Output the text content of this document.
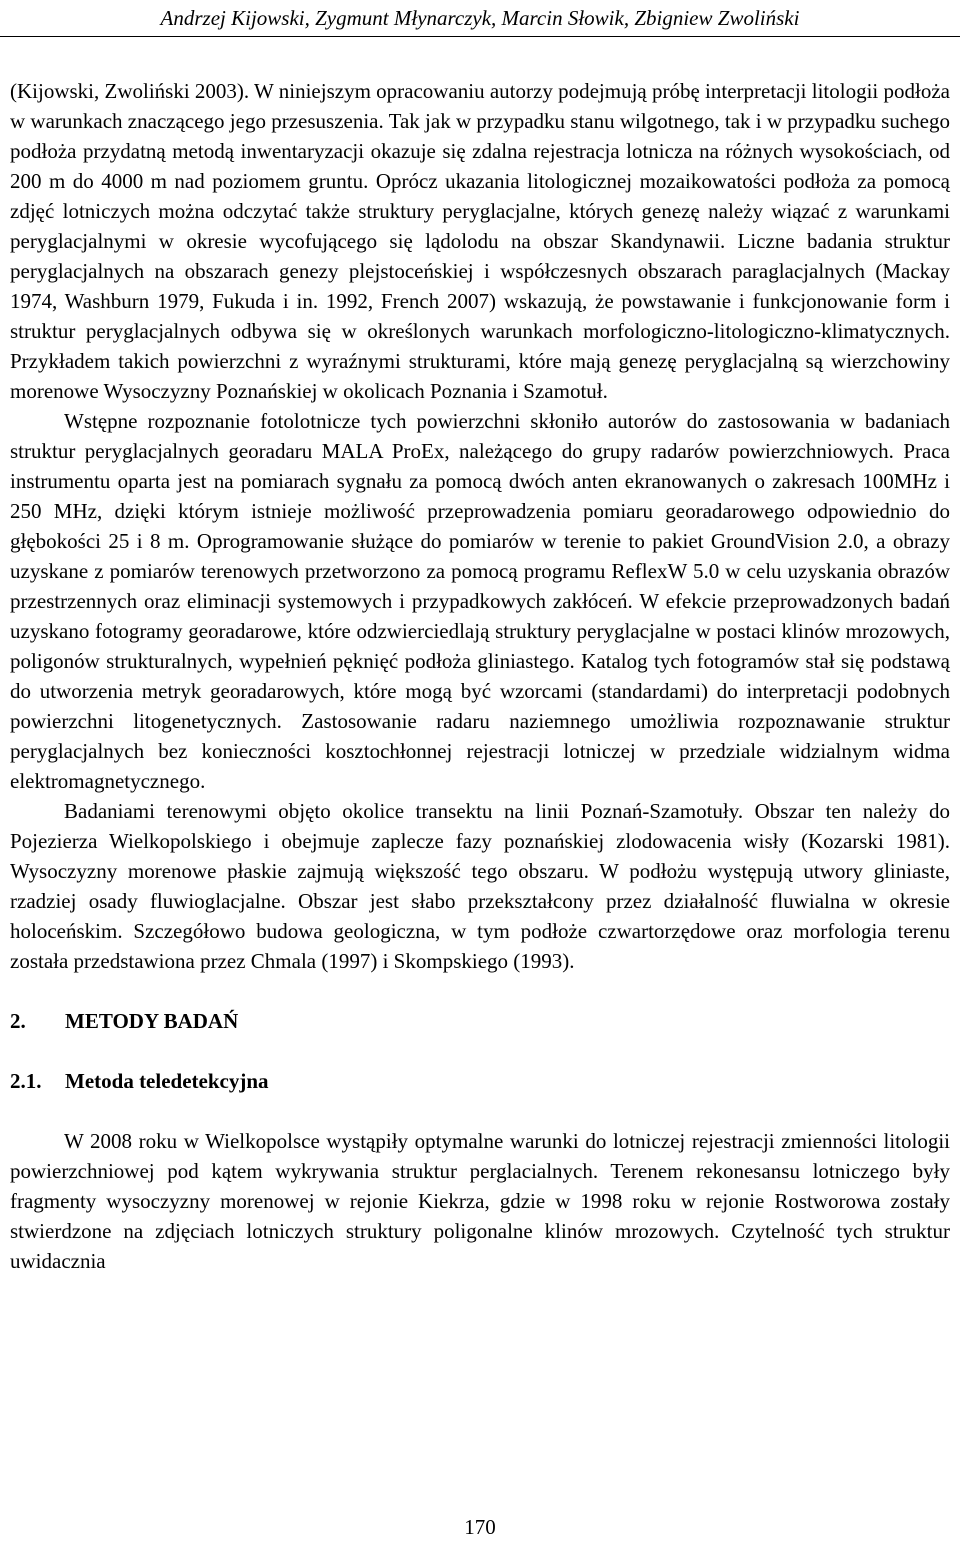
Andrzej Kijowski, Zygmunt Młynarczyk, Marcin Słowik, Zbigniew Zwoliński

(Kijowski, Zwoliński 2003). W niniejszym opracowaniu autorzy podejmują próbę interpretacji litologii podłoża w warunkach znaczącego jego przesuszenia. Tak jak w przypadku stanu wilgotnego, tak i w przypadku suchego podłoża przydatną metodą inwentaryzacji okazuje się zdalna rejestracja lotnicza na różnych wysokościach, od 200 m do 4000 m nad poziomem gruntu. Oprócz ukazania litologicznej mozaikowatości podłoża za pomocą zdjęć lotniczych można odczytać także struktury peryglacjalne, których genezę należy wiązać z warunkami peryglacjalnymi w okresie wycofującego się lądolodu na obszar Skandynawii. Liczne badania struktur peryglacjalnych na obszarach genezy plejstoceńskiej i współczesnych obszarach paraglacjalnych (Mackay 1974, Washburn 1979, Fukuda i in. 1992, French 2007) wskazują, że powstawanie i funkcjonowanie form i struktur peryglacjalnych odbywa się w określonych warunkach morfologiczno-litologiczno-klimatycznych. Przykładem takich powierzchni z wyraźnymi strukturami, które mają genezę peryglacjalną są wierzchowiny morenowe Wysoczyzny Poznańskiej w okolicach Poznania i Szamotuł.

Wstępne rozpoznanie fotolotnicze tych powierzchni skłoniło autorów do zastosowania w badaniach struktur peryglacjalnych georadaru MALA ProEx, należącego do grupy radarów powierzchniowych. Praca instrumentu oparta jest na pomiarach sygnału za pomocą dwóch anten ekranowanych o zakresach 100MHz i 250 MHz, dzięki którym istnieje możliwość przeprowadzenia pomiaru georadarowego odpowiednio do głębokości 25 i 8 m. Oprogramowanie służące do pomiarów w terenie to pakiet GroundVision 2.0, a obrazy uzyskane z pomiarów terenowych przetworzono za pomocą programu ReflexW 5.0 w celu uzyskania obrazów przestrzennych oraz eliminacji systemowych i przypadkowych zakłóceń. W efekcie przeprowadzonych badań uzyskano fotogramy georadarowe, które odzwierciedlają struktury peryglacjalne w postaci klinów mrozowych, poligonów strukturalnych, wypełnień pęknięć podłoża gliniastego. Katalog tych fotogramów stał się podstawą do utworzenia metryk georadarowych, które mogą być wzorcami (standardami) do interpretacji podobnych powierzchni litogenetycznych. Zastosowanie radaru naziemnego umożliwia rozpoznawanie struktur peryglacjalnych bez konieczności kosztochłonnej rejestracji lotniczej w przedziale widzialnym widma elektromagnetycznego.

Badaniami terenowymi objęto okolice transektu na linii Poznań-Szamotuły. Obszar ten należy do Pojezierza Wielkopolskiego i obejmuje zaplecze fazy poznańskiej zlodowacenia wisły (Kozarski 1981). Wysoczyzny morenowe płaskie zajmują większość tego obszaru. W podłożu występują utwory gliniaste, rzadziej osady fluwioglacjalne. Obszar jest słabo przekształcony przez działalność fluwialna w okresie holoceńskim. Szczegółowo budowa geologiczna, w tym podłoże czwartorzędowe oraz morfologia terenu została przedstawiona przez Chmala (1997) i Skompskiego (1993).

2.	METODY BADAŃ
2.1.	Metoda teledetekcyjna

W 2008 roku w Wielkopolsce wystąpiły optymalne warunki do lotniczej rejestracji zmienności litologii powierzchniowej pod kątem wykrywania struktur perglacialnych. Terenem rekonesansu lotniczego były fragmenty wysoczyzny morenowej w rejonie Kiekrza, gdzie w 1998 roku w rejonie Rostworowa zostały stwierdzone na zdjęciach lotniczych struktury poligonalne klinów mrozowych. Czytelność tych struktur uwidacznia

170
